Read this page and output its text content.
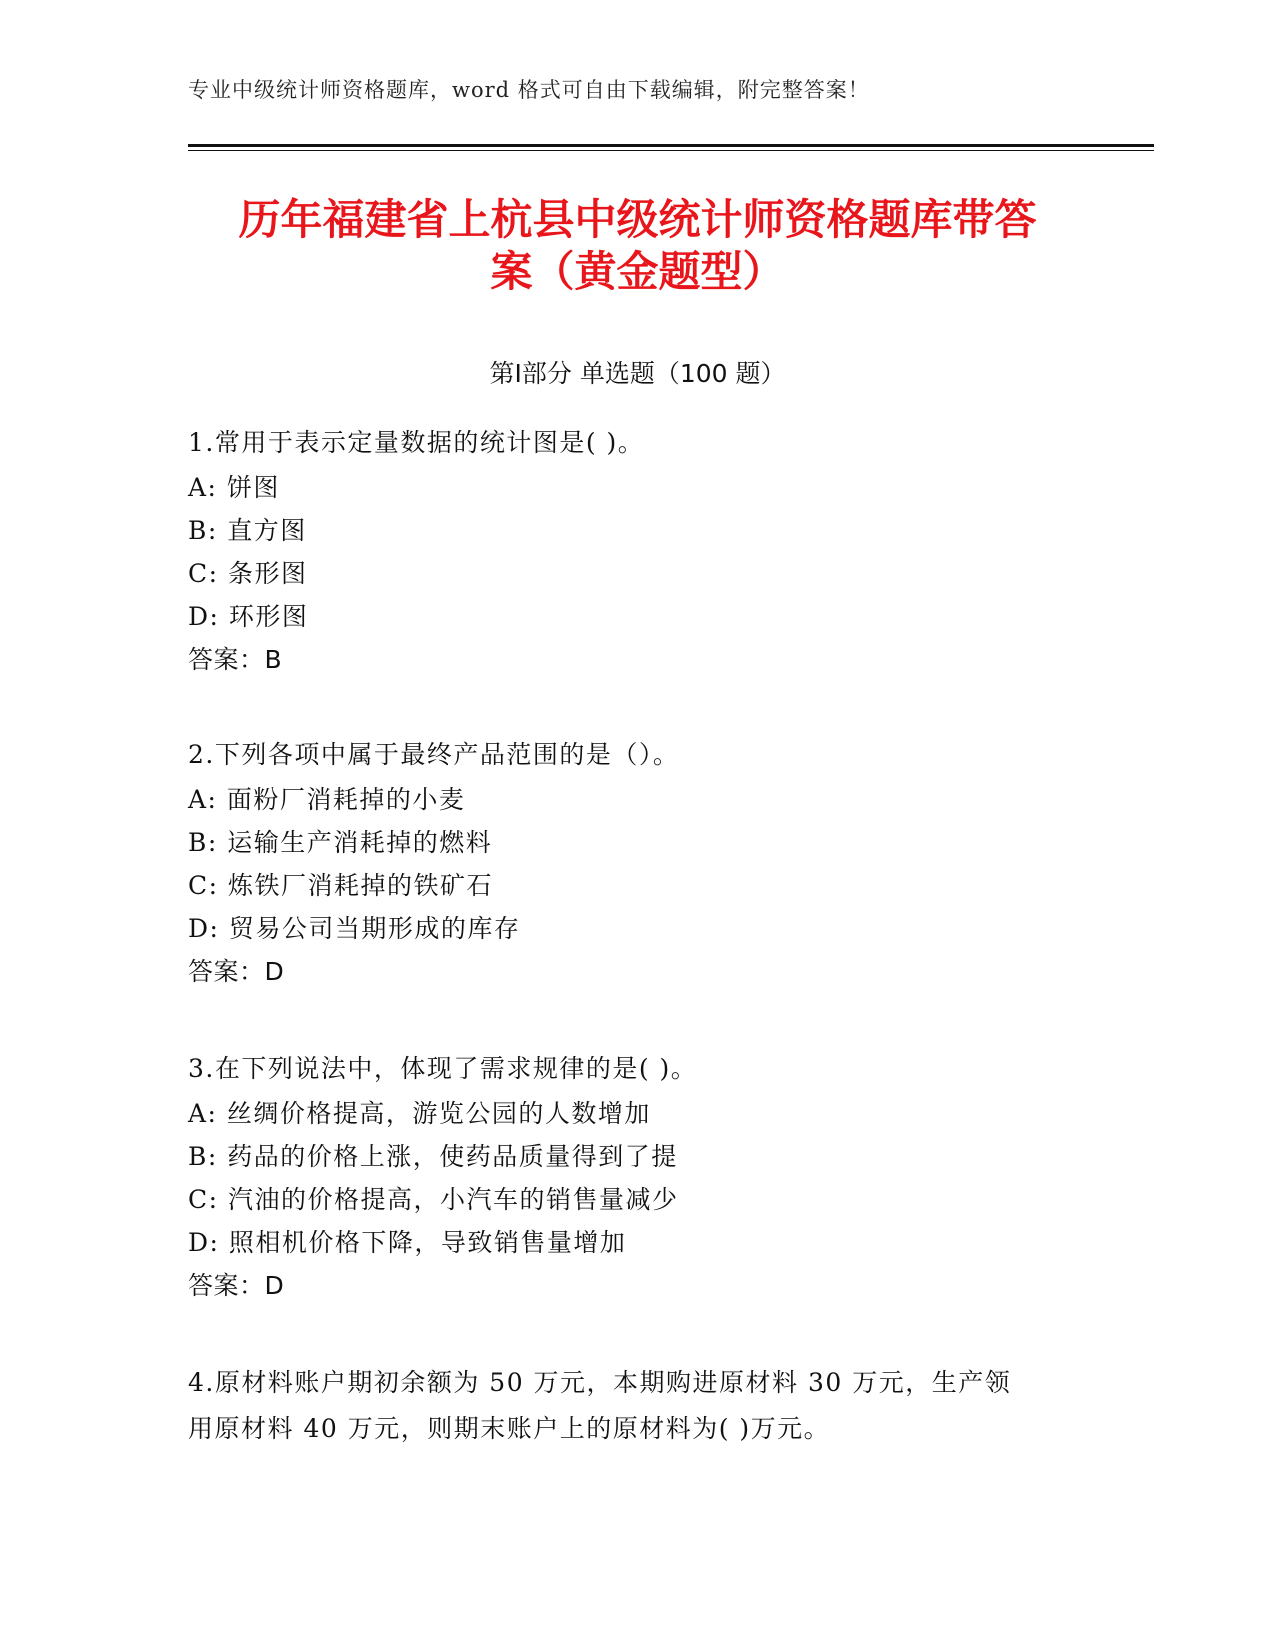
专业中级统计师资格题库，word 格式可自由下载编辑，附完整答案！
历年福建省上杭县中级统计师资格题库带答
案（黄金题型）
第Ⅰ部分 单选题（100 题）
1.常用于表示定量数据的统计图是( )。
A: 饼图
B: 直方图
C: 条形图
D: 环形图
答案：B
2.下列各项中属于最终产品范围的是（）。
A: 面粉厂消耗掉的小麦
B: 运输生产消耗掉的燃料
C: 炼铁厂消耗掉的铁矿石
D: 贸易公司当期形成的库存
答案：D
3.在下列说法中，体现了需求规律的是( )。
A: 丝绸价格提高，游览公园的人数增加
B: 药品的价格上涨，使药品质量得到了提
C: 汽油的价格提高，小汽车的销售量减少
D: 照相机价格下降，导致销售量增加
答案：D
4.原材料账户期初余额为 50 万元，本期购进原材料 30 万元，生产领
用原材料 40 万元，则期末账户上的原材料为( )万元。
